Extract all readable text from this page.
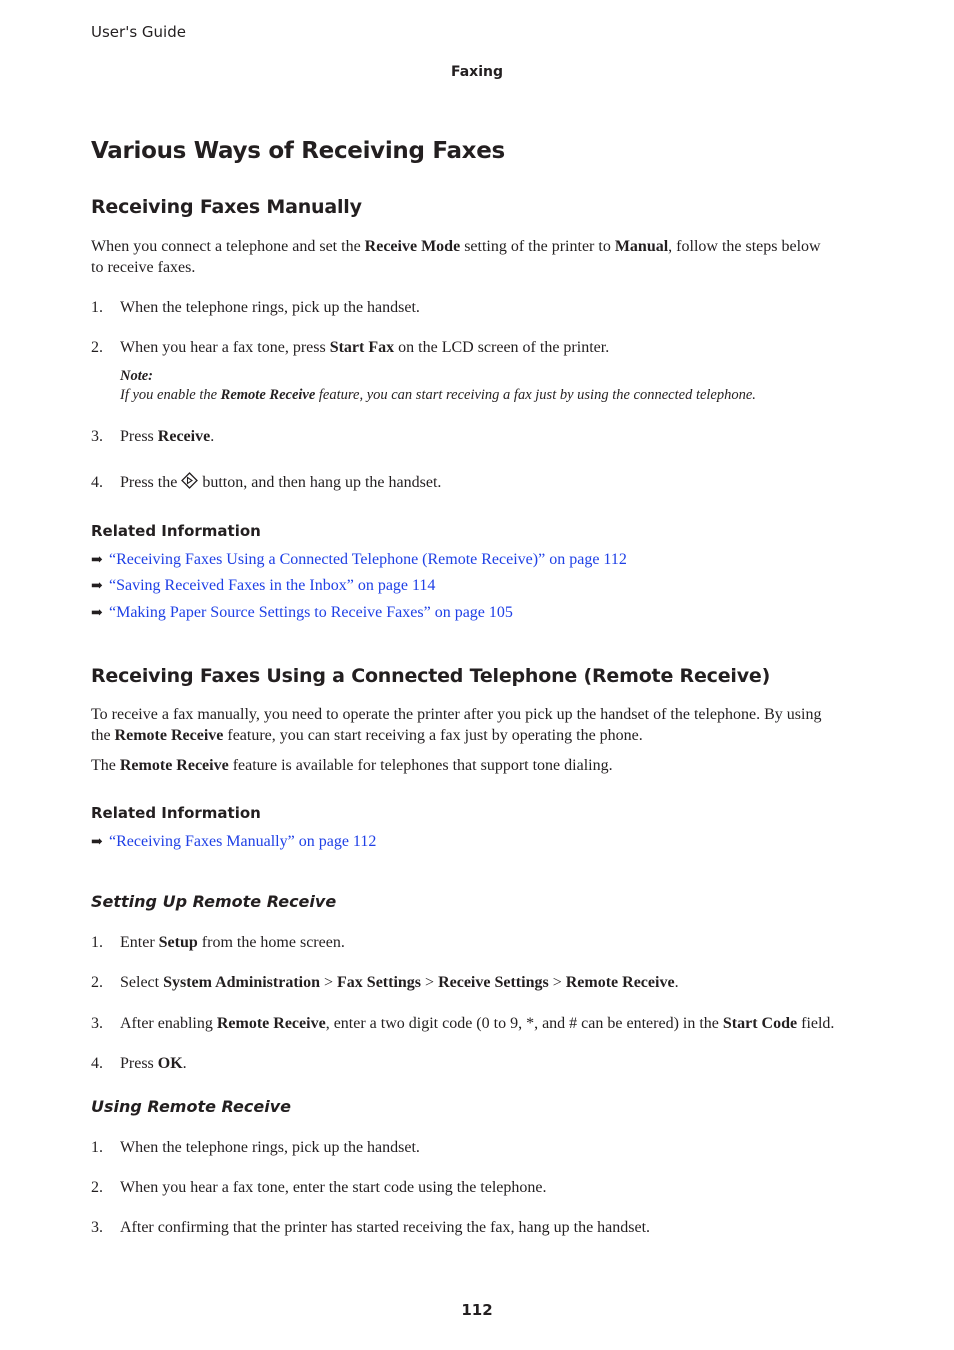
User's Guide
Faxing
Various Ways of Receiving Faxes
Receiving Faxes Manually
When you connect a telephone and set the Receive Mode setting of the printer to Manual, follow the steps below
to receive faxes.
1.	When the telephone rings, pick up the handset.
2.	When you hear a fax tone, press Start Fax on the LCD screen of the printer.
Note:
If you enable the Remote Receive feature, you can start receiving a fax just by using the connected telephone.
3.	Press Receive.
4.	Press the  button, and then hang up the handset.
Related Information
➡ “Receiving Faxes Using a Connected Telephone (Remote Receive)” on page 112
➡ “Saving Received Faxes in the Inbox” on page 114
➡ “Making Paper Source Settings to Receive Faxes” on page 105
Receiving Faxes Using a Connected Telephone (Remote Receive)
To receive a fax manually, you need to operate the printer after you pick up the handset of the telephone. By using
the Remote Receive feature, you can start receiving a fax just by operating the phone.
The Remote Receive feature is available for telephones that support tone dialing.
Related Information
➡ “Receiving Faxes Manually” on page 112
Setting Up Remote Receive
1.	Enter Setup from the home screen.
2.	Select System Administration > Fax Settings > Receive Settings > Remote Receive.
3.	After enabling Remote Receive, enter a two digit code (0 to 9, *, and # can be entered) in the Start Code field.
4.	Press OK.
Using Remote Receive
1.	When the telephone rings, pick up the handset.
2.	When you hear a fax tone, enter the start code using the telephone.
3.	After confirming that the printer has started receiving the fax, hang up the handset.
112
